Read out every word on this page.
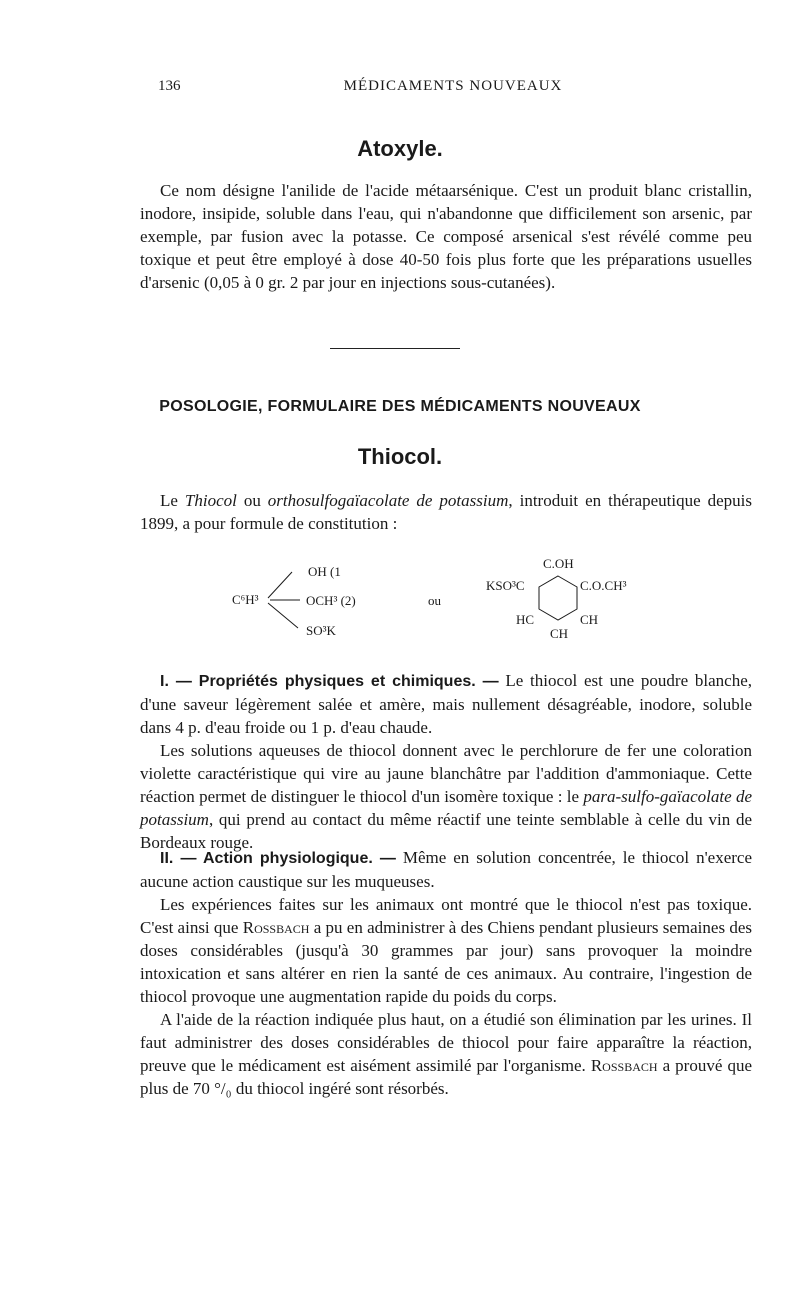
136	MÉDICAMENTS NOUVEAUX
Atoxyle.

Ce nom désigne l'anilide de l'acide métaarsénique. C'est un produit blanc cristallin, inodore, insipide, soluble dans l'eau, qui n'abandonne que difficilement son arsenic, par exemple, par fusion avec la potasse. Ce composé arsenical s'est révélé comme peu toxique et peut être employé à dose 40-50 fois plus forte que les préparations usuelles d'arsenic (0,05 à 0 gr. 2 par jour en injections sous-cutanées).

POSOLOGIE, FORMULAIRE DES MÉDICAMENTS NOUVEAUX
Thiocol.

Le Thiocol ou orthosulfogaïacolate de potassium, introduit en thérapeutique depuis 1899, a pour formule de constitution :

C⁶H³
OH (1
OCH³ (2)
SO³K
ou
C.OH
KSO³C	C.O.CH³
HC	CH
CH

I. — Propriétés physiques et chimiques. — Le thiocol est une poudre blanche, d'une saveur légèrement salée et amère, mais nullement désagréable, inodore, soluble dans 4 p. d'eau froide ou 1 p. d'eau chaude.

Les solutions aqueuses de thiocol donnent avec le perchlorure de fer une coloration violette caractéristique qui vire au jaune blanchâtre par l'addition d'ammoniaque. Cette réaction permet de distinguer le thiocol d'un isomère toxique : le para-sulfo-gaïacolate de potassium, qui prend au contact du même réactif une teinte semblable à celle du vin de Bordeaux rouge.

II. — Action physiologique. — Même en solution concentrée, le thiocol n'exerce aucune action caustique sur les muqueuses.

Les expériences faites sur les animaux ont montré que le thiocol n'est pas toxique. C'est ainsi que Rossbach a pu en administrer à des Chiens pendant plusieurs semaines des doses considérables (jusqu'à 30 grammes par jour) sans provoquer la moindre intoxication et sans altérer en rien la santé de ces animaux. Au contraire, l'ingestion de thiocol provoque une augmentation rapide du poids du corps.

A l'aide de la réaction indiquée plus haut, on a étudié son élimination par les urines. Il faut administrer des doses considérables de thiocol pour faire apparaître la réaction, preuve que le médicament est aisément assimilé par l'organisme. Rossbach a prouvé que plus de 70 °/₀ du thiocol ingéré sont résorbés.
